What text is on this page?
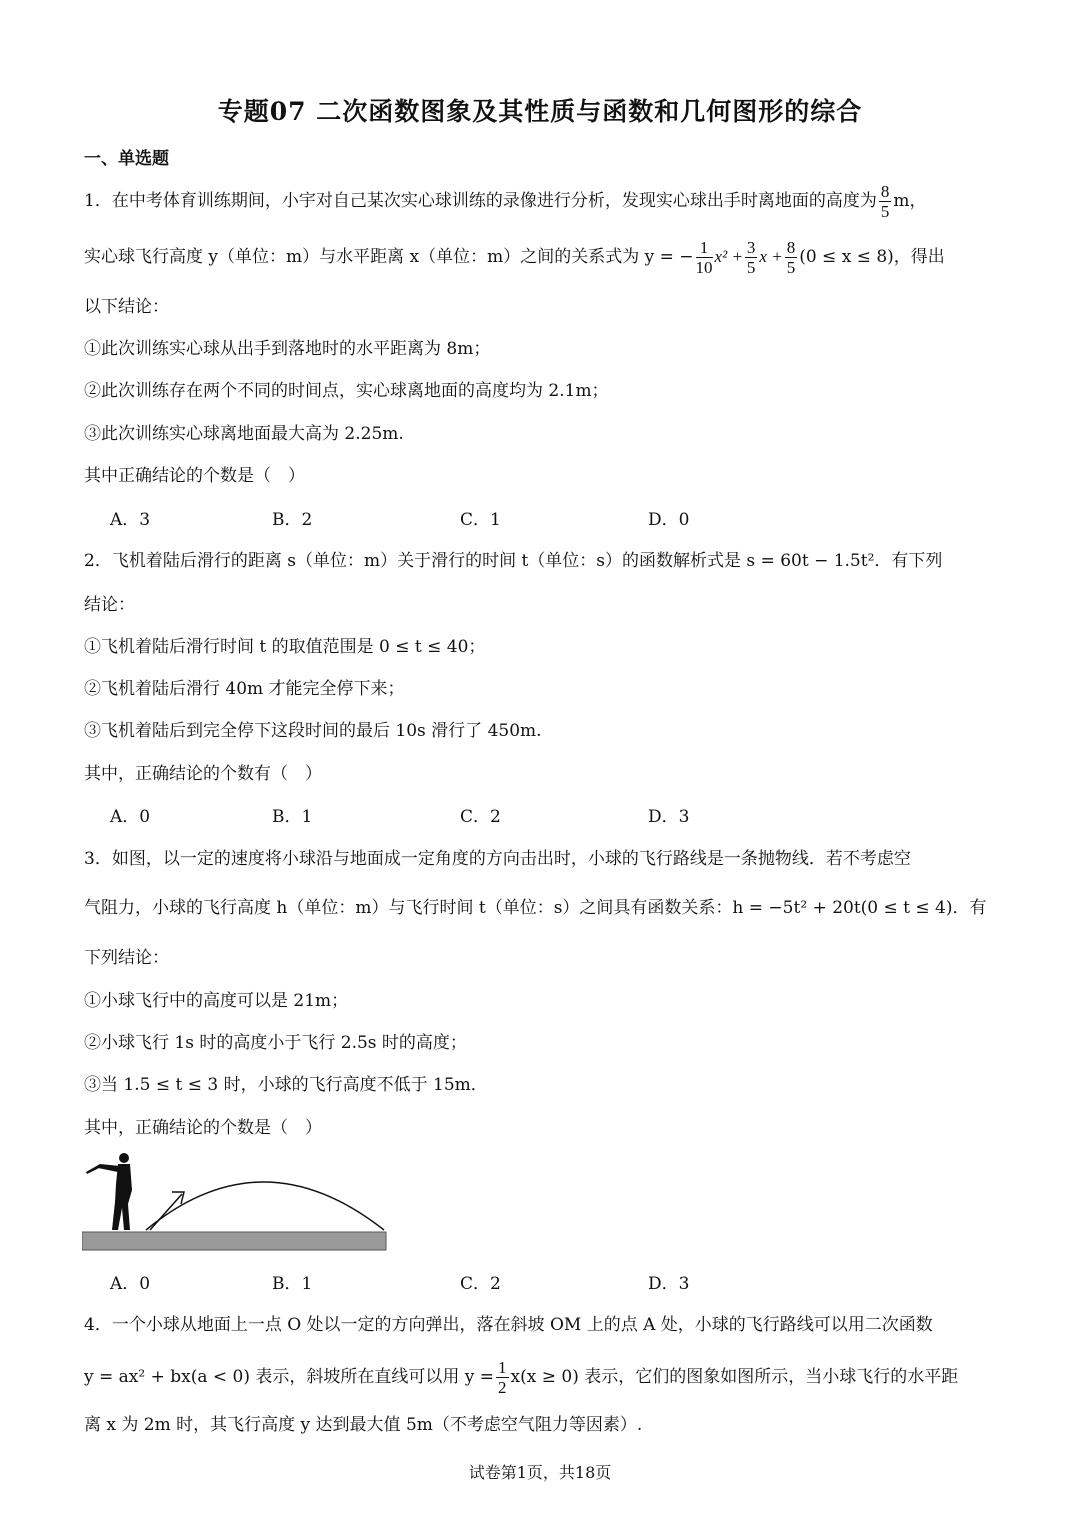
专题07 二次函数图象及其性质与函数和几何图形的综合
一、单选题
1．在中考体育训练期间，小宇对自己某次实心球训练的录像进行分析，发现实心球出手时离地面的高度为 $\frac{8}{5}$ m，
实心球飞行高度 y（单位：m）与水平距离 x（单位：m）之间的关系式为 y = − $\frac{1}{10} x^2 + \frac{3}{5}$ $x + \frac{8}{5} (0 \le x \le 8)$，得出
以下结论：
①此次训练实心球从出手到落地时的水平距离为 8m；
②此次训练存在两个不同的时间点，实心球离地面的高度均为 2.1m；
③此次训练实心球离地面最大高为 2.25m.
其中正确结论的个数是（　）
A．3	B．2	C．1	D．0
2．飞机着陆后滑行的距离 s（单位：m）关于滑行的时间 t（单位：s）的函数解析式是 s = 60t − 1.5t²．有下列
结论：
①飞机着陆后滑行时间 t 的取值范围是 0 ≤ t ≤ 40；
②飞机着陆后滑行 40m 才能完全停下来；
③飞机着陆后到完全停下这段时间的最后 10s 滑行了 450m.
其中，正确结论的个数有（　）
A．0	B．1	C．2	D．3
3．如图，以一定的速度将小球沿与地面成一定角度的方向击出时，小球的飞行路线是一条抛物线．若不考虑空
气阻力，小球的飞行高度 h（单位：m）与飞行时间 t（单位：s）之间具有函数关系：h = −5t² + 20t(0 ≤ t ≤ 4)．有
下列结论：
①小球飞行中的高度可以是 21m；
②小球飞行 1s 时的高度小于飞行 2.5s 时的高度；
③当 1.5 ≤ t ≤ 3 时，小球的飞行高度不低于 15m．
其中，正确结论的个数是（　）
A．0	B．1	C．2	D．3
4．一个小球从地面上一点 O 处以一定的方向弹出，落在斜坡 OM 上的点 A 处，小球的飞行路线可以用二次函数
y = ax² + bx(a < 0) 表示，斜坡所在直线可以用 $y = \frac{1}{2} x(x \ge 0)$ 表示，它们的图象如图所示，当小球飞行的水平距
离 x 为 2m 时，其飞行高度 y 达到最大值 5m（不考虑空气阻力等因素）.
试卷第1页，共18页
